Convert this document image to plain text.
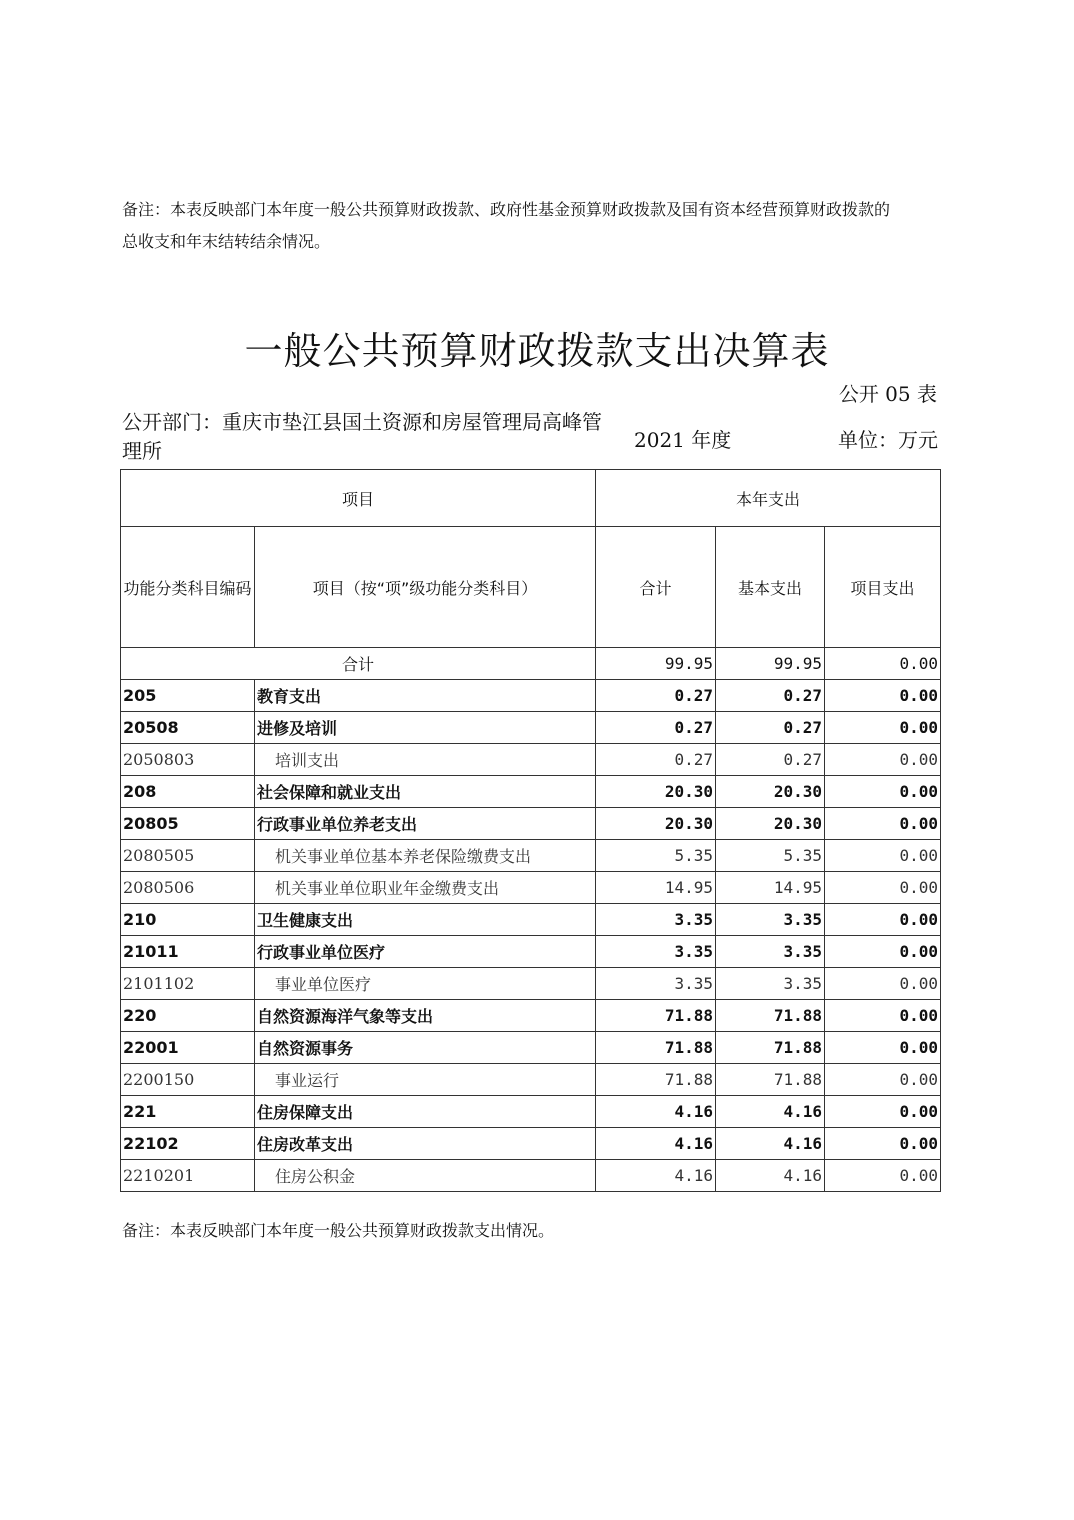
备注：本表反映部门本年度一般公共预算财政拨款、政府性基金预算财政拨款及国有资本经营预算财政拨款的总收支和年末结转结余情况。
一般公共预算财政拨款支出决算表
公开 05 表
公开部门：重庆市垫江县国土资源和房屋管理局高峰管理所	2021 年度	单位：万元
项目		本年支出		
功能分类科目编码	项目（按“项”级功能分类科目）	合计	基本支出	项目支出
合计		99.95	99.95	0.00
205	教育支出	0.27	0.27	0.00
20508	进修及培训	0.27	0.27	0.00
2050803	培训支出	0.27	0.27	0.00
208	社会保障和就业支出	20.30	20.30	0.00
20805	行政事业单位养老支出	20.30	20.30	0.00
2080505	机关事业单位基本养老保险缴费支出	5.35	5.35	0.00
2080506	机关事业单位职业年金缴费支出	14.95	14.95	0.00
210	卫生健康支出	3.35	3.35	0.00
21011	行政事业单位医疗	3.35	3.35	0.00
2101102	事业单位医疗	3.35	3.35	0.00
220	自然资源海洋气象等支出	71.88	71.88	0.00
22001	自然资源事务	71.88	71.88	0.00
2200150	事业运行	71.88	71.88	0.00
221	住房保障支出	4.16	4.16	0.00
22102	住房改革支出	4.16	4.16	0.00
2210201	住房公积金	4.16	4.16	0.00
备注：本表反映部门本年度一般公共预算财政拨款支出情况。
